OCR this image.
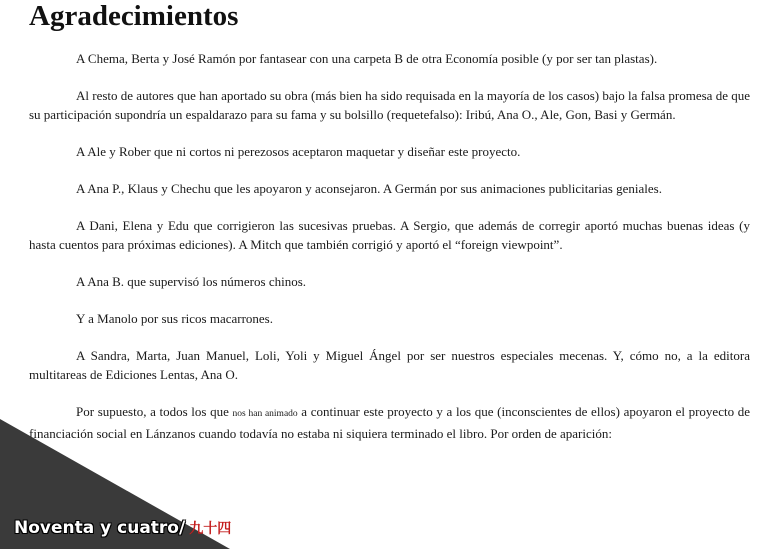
Agradecimientos

A Chema, Berta y José Ramón por fantasear con una carpeta B de otra Economía posible (y por ser tan plastas).

Al resto de autores que han aportado su obra (más bien ha sido requisada en la mayoría de los casos) bajo la falsa promesa de que su participación supondría un espaldarazo para su fama y su bolsillo (requetefalso): Iribú, Ana O., Ale, Gon, Basi y Germán.

A Ale y Rober que ni cortos ni perezosos aceptaron maquetar y diseñar este proyecto.

A Ana P., Klaus y Chechu que les apoyaron y aconsejaron. A Germán por sus animaciones publicitarias geniales.

A Dani, Elena y Edu que corrigieron las sucesivas pruebas. A Sergio, que además de corregir aportó muchas buenas ideas (y hasta cuentos para próximas ediciones). A Mitch que también corrigió y aportó el “foreign viewpoint”.

A Ana B. que supervisó los números chinos.

Y a Manolo por sus ricos macarrones.

A Sandra, Marta, Juan Manuel, Loli, Yoli y Miguel Ángel por ser nuestros especiales mecenas. Y, cómo no, a la editora multitareas de Ediciones Lentas, Ana O.

Por supuesto, a todos los que nos han animado a continuar este proyecto y a los que (inconscientes de ellos) apoyaron el proyecto de financiación social en Lánzanos cuando todavía no estaba ni siquiera terminado el libro. Por orden de aparición:

Noventa y cuatro / 九十四
